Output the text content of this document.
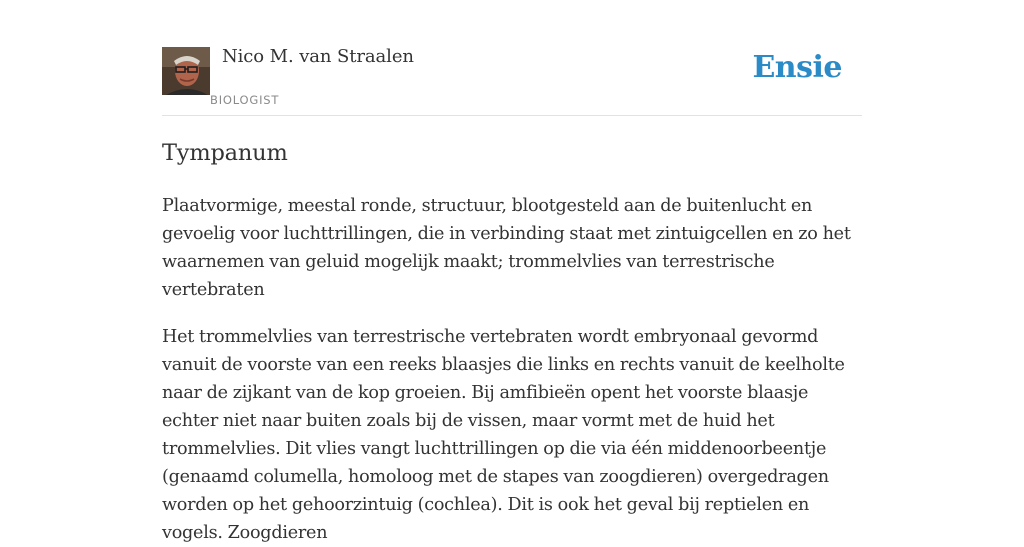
Nico M. van Straalen
BIOLOGIST
Ensie
Tympanum

Plaatvormige, meestal ronde, structuur, blootgesteld aan de buitenlucht en gevoelig voor luchttrillingen, die in verbinding staat met zintuigcellen en zo het waarnemen van geluid mogelijk maakt; trommelvlies van terrestrische vertebraten

Het trommelvlies van terrestrische vertebraten wordt embryonaal gevormd vanuit de voorste van een reeks blaasjes die links en rechts vanuit de keelholte naar de zijkant van de kop groeien. Bij amfibieën opent het voorste blaasje echter niet naar buiten zoals bij de vissen, maar vormt met de huid het trommelvlies. Dit vlies vangt luchttrillingen op die via één middenoorbeentje (genaamd columella, homoloog met de stapes van zoogdieren) overgedragen worden op het gehoorzintuig (cochlea). Dit is ook het geval bij reptielen en vogels. Zoogdieren
